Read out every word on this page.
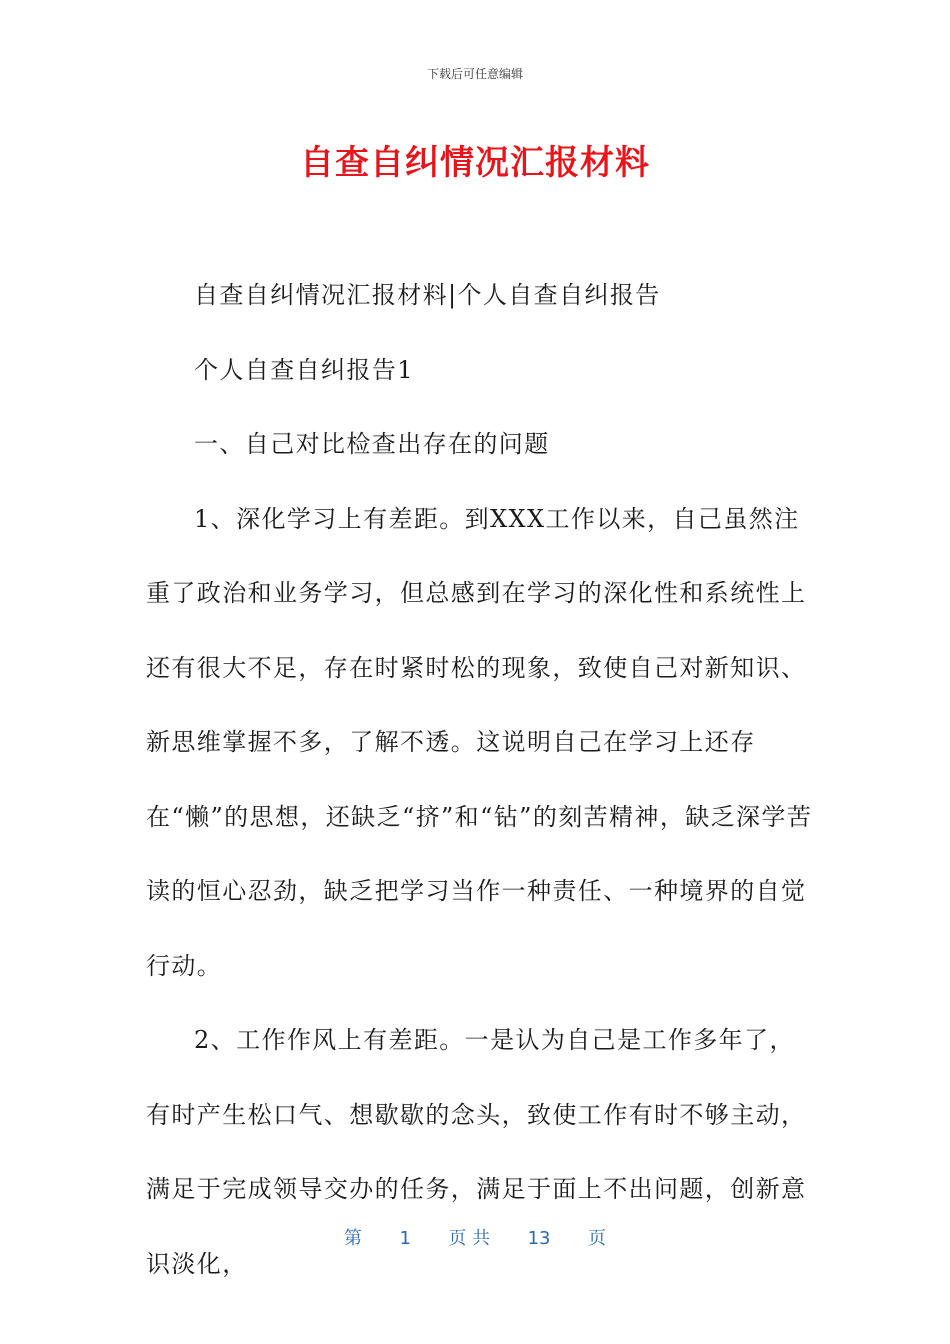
下载后可任意编辑
自查自纠情况汇报材料

自查自纠情况汇报材料|个人自查自纠报告

个人自查自纠报告1

一、自己对比检查出存在的问题

1、深化学习上有差距。到XXX工作以来，自己虽然注重了政治和业务学习，但总感到在学习的深化性和系统性上还有很大不足，存在时紧时松的现象，致使自己对新知识、新思维掌握不多，了解不透。这说明自己在学习上还存在“懒”的思想，还缺乏“挤”和“钻”的刻苦精神，缺乏深学苦读的恒心忍劲，缺乏把学习当作一种责任、一种境界的自觉行动。

2、工作作风上有差距。一是认为自己是工作多年了，有时产生松口气、想歇歇的念头，致使工作有时不够主动，满足于完成领导交办的任务，满足于面上不出问题，创新意识淡化，

第 1 页 共 13 页
